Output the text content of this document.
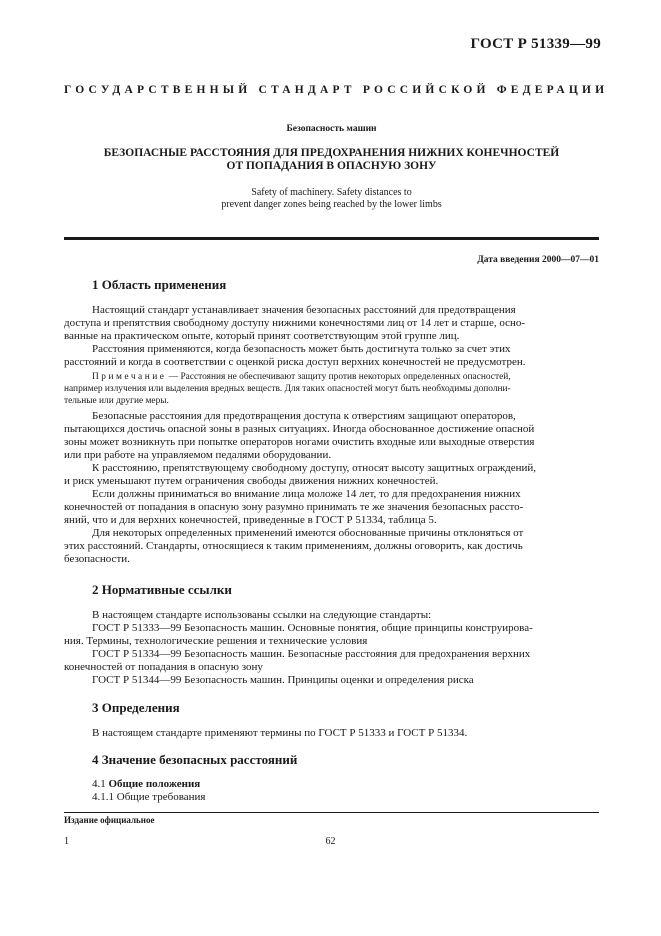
ГОСТ Р 51339—99
ГОСУДАРСТВЕННЫЙ СТАНДАРТ РОССИЙСКОЙ ФЕДЕРАЦИИ
Безопасность машин
БЕЗОПАСНЫЕ РАССТОЯНИЯ ДЛЯ ПРЕДОХРАНЕНИЯ НИЖНИХ КОНЕЧНОСТЕЙ
ОТ ПОПАДАНИЯ В ОПАСНУЮ ЗОНУ
Safety of machinery. Safety distances to
prevent danger zones being reached by the lower limbs
Дата введения 2000—07—01
1 Область применения
Настоящий стандарт устанавливает значения безопасных расстояний для предотвращения
доступа и препятствия свободному доступу нижними конечностями лиц от 14 лет и старше, осно-
ванные на практическом опыте, который принят соответствующим этой группе лиц.
Расстояния применяются, когда безопасность может быть достигнута только за счет этих
расстояний и когда в соответствии с оценкой риска доступ верхних конечностей не предусмотрен.
Примечание — Расстояния не обеспечивают защиту против некоторых определенных опасностей,
например излучения или выделения вредных веществ. Для таких опасностей могут быть необходимы дополни-
тельные или другие меры.
Безопасные расстояния для предотвращения доступа к отверстиям защищают операторов,
пытающихся достичь опасной зоны в разных ситуациях. Иногда обоснованное достижение опасной
зоны может возникнуть при попытке операторов ногами очистить входные или выходные отверстия
или при работе на управляемом педалями оборудовании.
К расстоянию, препятствующему свободному доступу, относят высоту защитных ограждений,
и риск уменьшают путем ограничения свободы движения нижних конечностей.
Если должны приниматься во внимание лица моложе 14 лет, то для предохранения нижних
конечностей от попадания в опасную зону разумно принимать те же значения безопасных рассто-
яний, что и для верхних конечностей, приведенные в ГОСТ Р 51334, таблица 5.
Для некоторых определенных применений имеются обоснованные причины отклоняться от
этих расстояний. Стандарты, относящиеся к таким применениям, должны оговорить, как достичь
безопасности.
2 Нормативные ссылки
В настоящем стандарте использованы ссылки на следующие стандарты:
ГОСТ Р 51333—99 Безопасность машин. Основные понятия, общие принципы конструирова-
ния. Термины, технологические решения и технические условия
ГОСТ Р 51334—99 Безопасность машин. Безопасные расстояния для предохранения верхних
конечностей от попадания в опасную зону
ГОСТ Р 51344—99 Безопасность машин. Принципы оценки и определения риска
3 Определения
В настоящем стандарте применяют термины по ГОСТ Р 51333 и ГОСТ Р 51334.
4 Значение безопасных расстояний
4.1 Общие положения
4.1.1 Общие требования
Издание официальное
1	62
